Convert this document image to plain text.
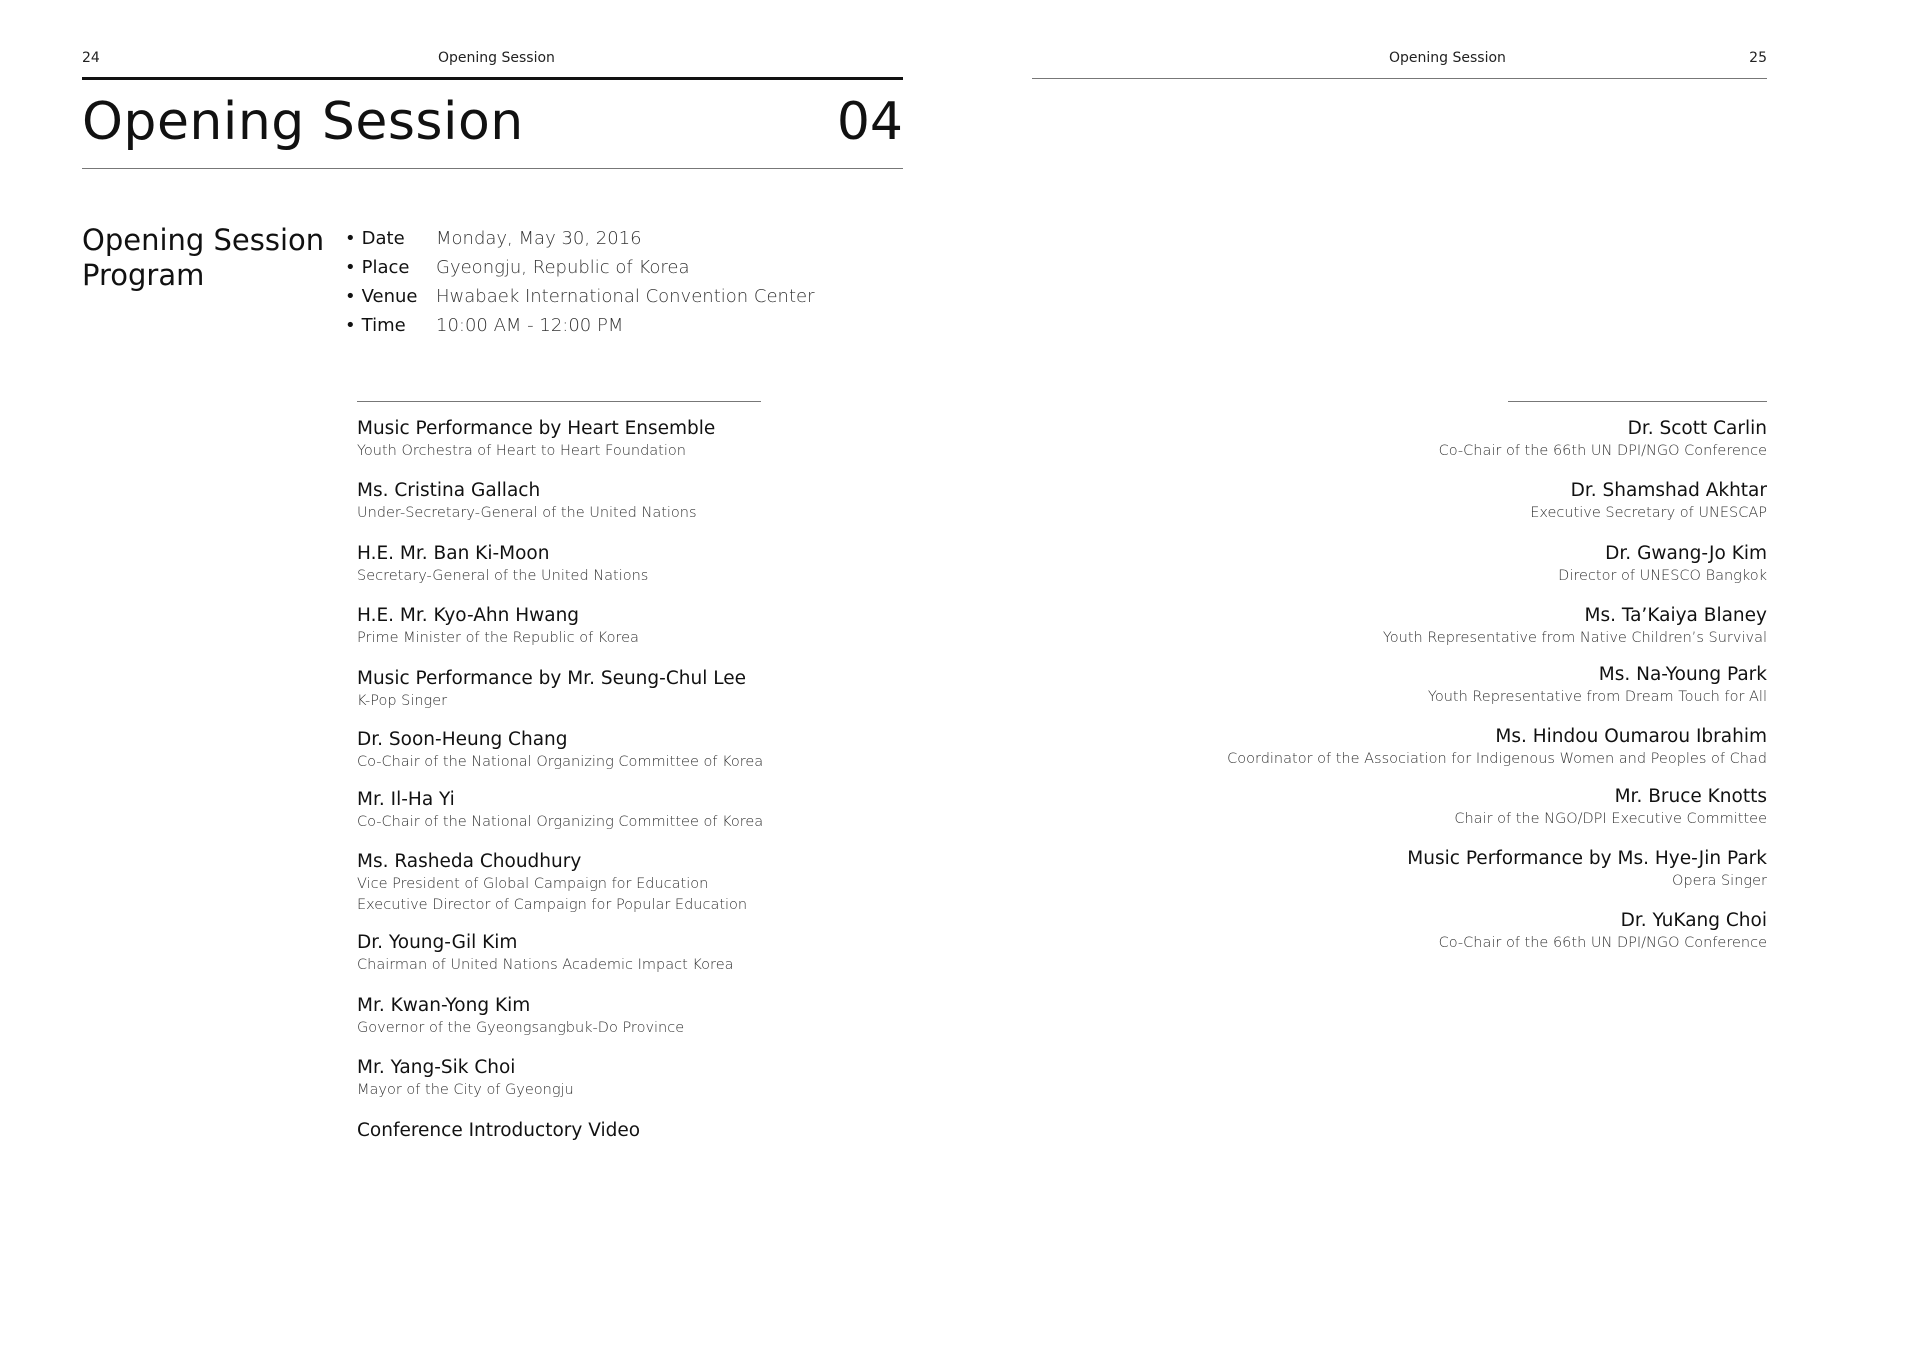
24	Opening Session
Opening Session	04
Opening Session
Program
• Date Monday, May 30, 2016
• Place Gyeongju, Republic of Korea
• Venue Hwabaek International Convention Center
• Time 10:00 AM - 12:00 PM
Music Performance by Heart Ensemble
Youth Orchestra of Heart to Heart Foundation
Ms. Cristina Gallach
Under-Secretary-General of the United Nations
H.E. Mr. Ban Ki-Moon
Secretary-General of the United Nations
H.E. Mr. Kyo-Ahn Hwang
Prime Minister of the Republic of Korea
Music Performance by Mr. Seung-Chul Lee
K-Pop Singer
Dr. Soon-Heung Chang
Co-Chair of the National Organizing Committee of Korea
Mr. Il-Ha Yi
Co-Chair of the National Organizing Committee of Korea
Ms. Rasheda Choudhury
Vice President of Global Campaign for Education
Executive Director of Campaign for Popular Education
Dr. Young-Gil Kim
Chairman of United Nations Academic Impact Korea
Mr. Kwan-Yong Kim
Governor of the Gyeongsangbuk-Do Province
Mr. Yang-Sik Choi
Mayor of the City of Gyeongju
Conference Introductory Video
Opening Session	25
Dr. Scott Carlin
Co-Chair of the 66th UN DPI/NGO Conference
Dr. Shamshad Akhtar
Executive Secretary of UNESCAP
Dr. Gwang-Jo Kim
Director of UNESCO Bangkok
Ms. Ta’Kaiya Blaney
Youth Representative from Native Children’s Survival
Ms. Na-Young Park
Youth Representative from Dream Touch for All
Ms. Hindou Oumarou Ibrahim
Coordinator of the Association for Indigenous Women and Peoples of Chad
Mr. Bruce Knotts
Chair of the NGO/DPI Executive Committee
Music Performance by Ms. Hye-Jin Park
Opera Singer
Dr. YuKang Choi
Co-Chair of the 66th UN DPI/NGO Conference
